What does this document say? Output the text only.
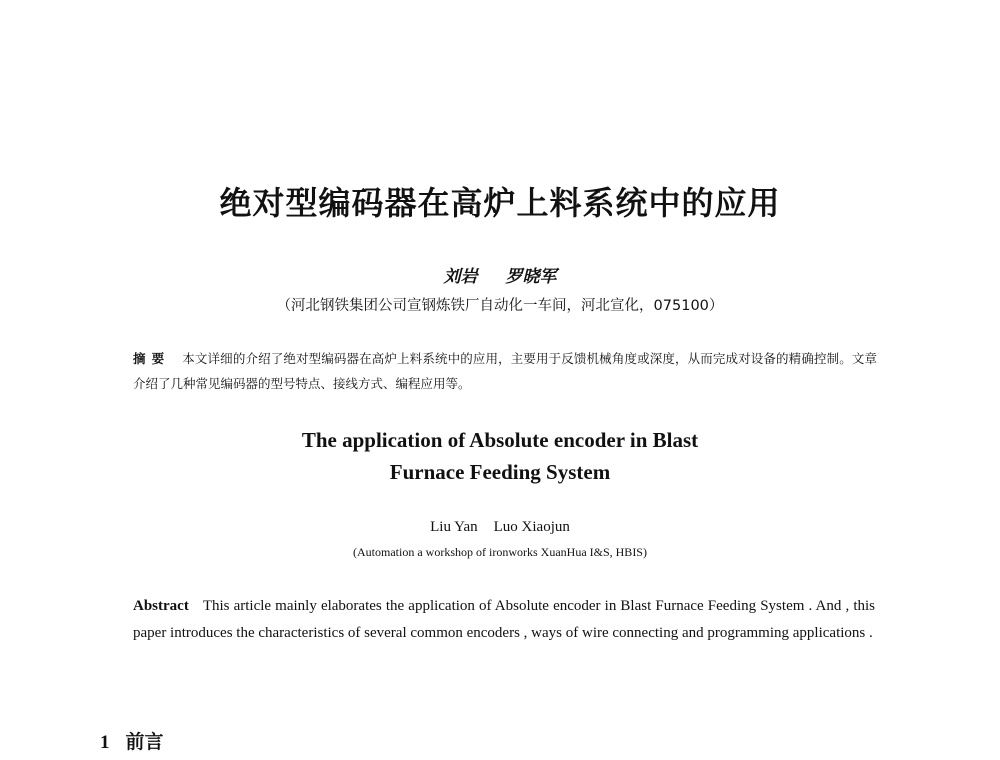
绝对型编码器在高炉上料系统中的应用
刘岩 罗晓军
（河北钢铁集团公司宣钢炼铁厂自动化一车间，河北宣化，075100）
摘要 本文详细的介绍了绝对型编码器在高炉上料系统中的应用，主要用于反馈机械角度或深度，从而完成对设备的精确控制。文章介绍了几种常见编码器的型号特点、接线方式、编程应用等。
The application of Absolute encoder in Blast
Furnace Feeding System
Liu Yan Luo Xiaojun
(Automation a workshop of ironworks XuanHua I&S, HBIS)
Abstract This article mainly elaborates the application of Absolute encoder in Blast Furnace Feeding System . And , this paper introduces the characteristics of several common encoders , ways of wire connecting and programming applications .
1 前言
